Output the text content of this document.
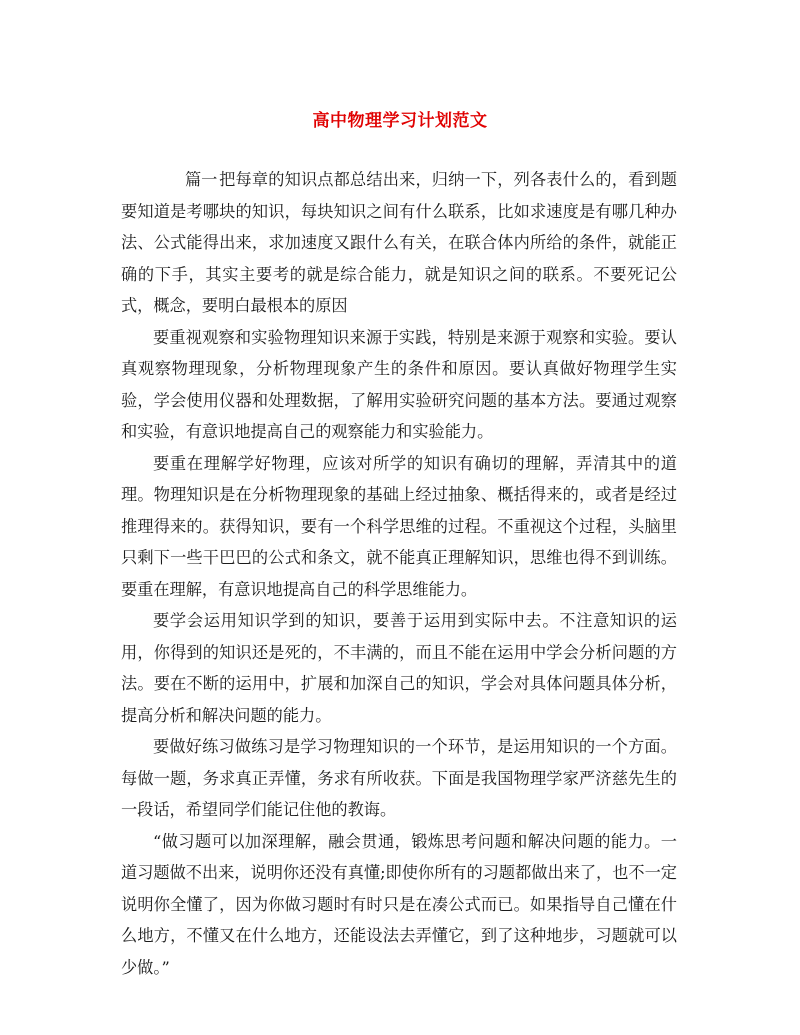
高中物理学习计划范文

篇一 把每章的知识点都总结出来，归纳一下，列各表什么的，看到题要知道是考哪块的知识，每块知识之间有什么联系，比如求速度是有哪几种办法、公式能得出来，求加速度又跟什么有关，在联合体内所给的条件，就能正确的下手，其实主要考的就是综合能力，就是知识之间的联系。不要死记公式，概念，要明白最根本的原因

要重视观察和实验物理知识来源于实践，特别是来源于观察和实验。要认真观察物理现象，分析物理现象产生的条件和原因。要认真做好物理学生实验，学会使用仪器和处理数据，了解用实验研究问题的基本方法。要通过观察和实验，有意识地提高自己的观察能力和实验能力。

要重在理解学好物理，应该对所学的知识有确切的理解，弄清其中的道理。物理知识是在分析物理现象的基础上经过抽象、概括得来的，或者是经过推理得来的。获得知识，要有一个科学思维的过程。不重视这个过程，头脑里只剩下一些干巴巴的公式和条文，就不能真正理解知识，思维也得不到训练。要重在理解，有意识地提高自己的科学思维能力。

要学会运用知识学到的知识，要善于运用到实际中去。不注意知识的运用，你得到的知识还是死的，不丰满的，而且不能在运用中学会分析问题的方法。要在不断的运用中，扩展和加深自己的知识，学会对具体问题具体分析，提高分析和解决问题的能力。

要做好练习做练习是学习物理知识的一个环节，是运用知识的一个方面。每做一题，务求真正弄懂，务求有所收获。下面是我国物理学家严济慈先生的一段话，希望同学们能记住他的教诲。

“做习题可以加深理解，融会贯通，锻炼思考问题和解决问题的能力。一道习题做不出来，说明你还没有真懂;即使你所有的习题都做出来了，也不一定说明你全懂了，因为你做习题时有时只是在凑公式而已。如果指导自己懂在什么地方，不懂又在什么地方，还能设法去弄懂它，到了这种地步，习题就可以少做。”
